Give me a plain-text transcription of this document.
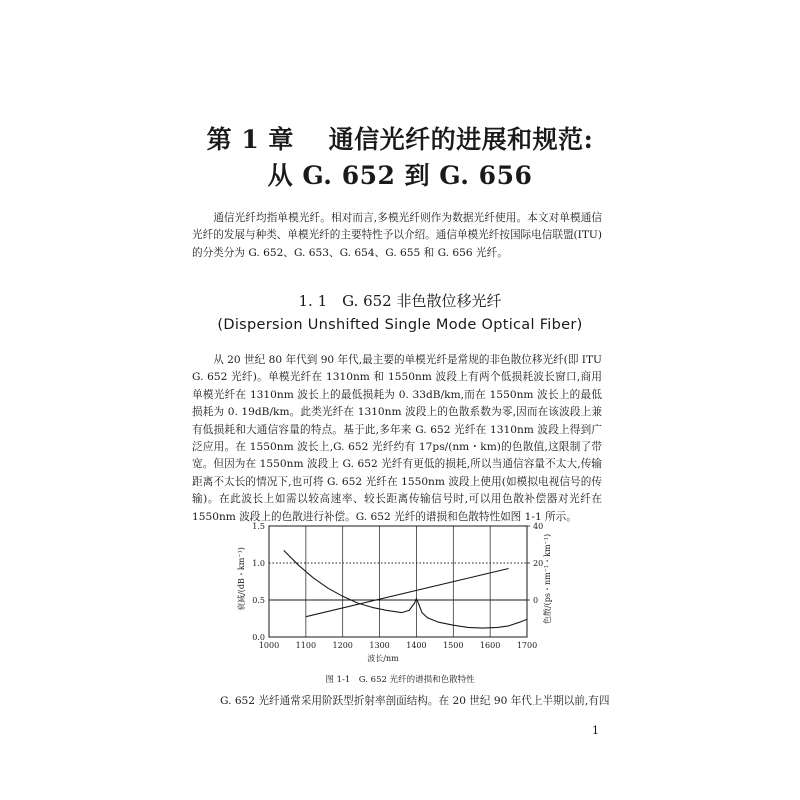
第 1 章　 通信光纤的进展和规范:
从 G. 652 到 G. 656

通信光纤均指单模光纤。相对而言,多模光纤则作为数据光纤使用。本文对单模通信光纤的发展与种类、单模光纤的主要特性予以介绍。通信单模光纤按国际电信联盟(ITU)的分类分为 G. 652、G. 653、G. 654、G. 655 和 G. 656 光纤。

1. 1　G. 652 非色散位移光纤
(Dispersion Unshifted Single Mode Optical Fiber)

从 20 世纪 80 年代到 90 年代,最主要的单模光纤是常规的非色散位移光纤(即 ITU G. 652 光纤)。单模光纤在 1310nm 和 1550nm 波段上有两个低损耗波长窗口,商用单模光纤在 1310nm 波长上的最低损耗为 0. 33dB/km,而在 1550nm 波长上的最低损耗为 0. 19dB/km。此类光纤在 1310nm 波段上的色散系数为零,因而在该波段上兼有低损耗和大通信容量的特点。基于此,多年来 G. 652 光纤在 1310nm 波段上得到广泛应用。在 1550nm 波长上,G. 652 光纤约有 17ps/(nm・km)的色散值,这限制了带宽。但因为在 1550nm 波段上 G. 652 光纤有更低的损耗,所以当通信容量不太大,传输距离不太长的情况下,也可将 G. 652 光纤在 1550nm 波段上使用(如模拟电视信号的传输)。在此波长上如需以较高速率、较长距离传输信号时,可以用色散补偿器对光纤在 1550nm 波段上的色散进行补偿。G. 652 光纤的谱损和色散特性如图 1-1 所示。

衰减/(dB・km⁻¹)	色散/(ps・nm⁻¹・km⁻¹)
波长/nm
1000 1100 1200 1300 1400 1500 1600 1700
0.0
0.5
1.0
1.5
0
20
40
图 1-1　G. 652 光纤的谱损和色散特性
G. 652 光纤通常采用阶跃型折射率剖面结构。在 20 世纪 90 年代上半期以前,有四
1
